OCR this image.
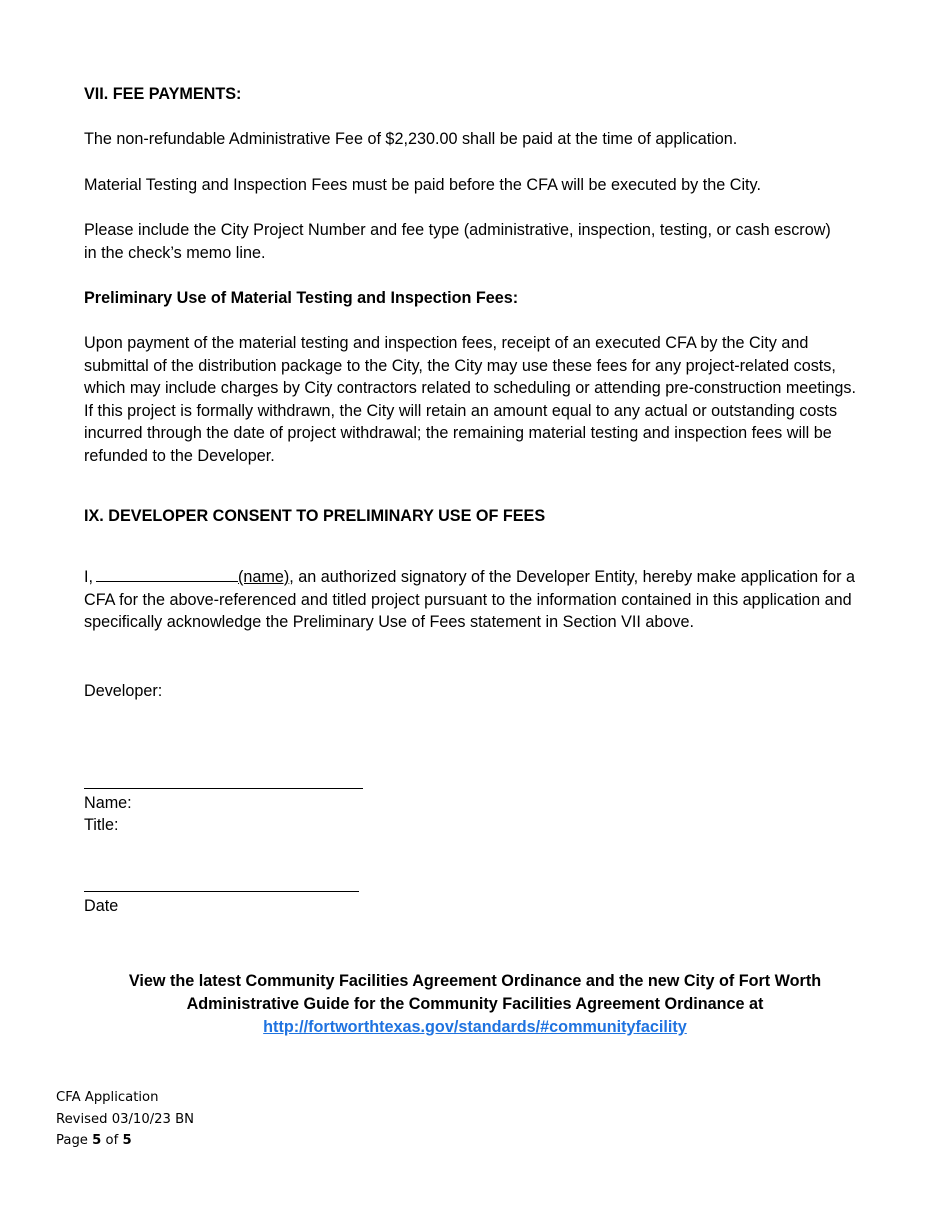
VII. FEE PAYMENTS:

The non-refundable Administrative Fee of $2,230.00 shall be paid at the time of application.

Material Testing and Inspection Fees must be paid before the CFA will be executed by the City.

Please include the City Project Number and fee type (administrative, inspection, testing, or cash escrow) in the check’s memo line.

Preliminary Use of Material Testing and Inspection Fees:

Upon payment of the material testing and inspection fees, receipt of an executed CFA by the City and submittal of the distribution package to the City, the City may use these fees for any project-related costs, which may include charges by City contractors related to scheduling or attending pre-construction meetings. If this project is formally withdrawn, the City will retain an amount equal to any actual or outstanding costs incurred through the date of project withdrawal; the remaining material testing and inspection fees will be refunded to the Developer.

IX. DEVELOPER CONSENT TO PRELIMINARY USE OF FEES

I,	(name), an authorized signatory of the Developer Entity, hereby make application for a CFA for the above-referenced and titled project pursuant to the information contained in this application and specifically acknowledge the Preliminary Use of Fees statement in Section VII above.

Developer:

Name:

Title:

Date

View the latest Community Facilities Agreement Ordinance and the new City of Fort Worth
Administrative Guide for the Community Facilities Agreement Ordinance at
http://fortworthtexas.gov/standards/#communityfacility
CFA Application
Revised 03/10/23 BN
Page 5 of 5
